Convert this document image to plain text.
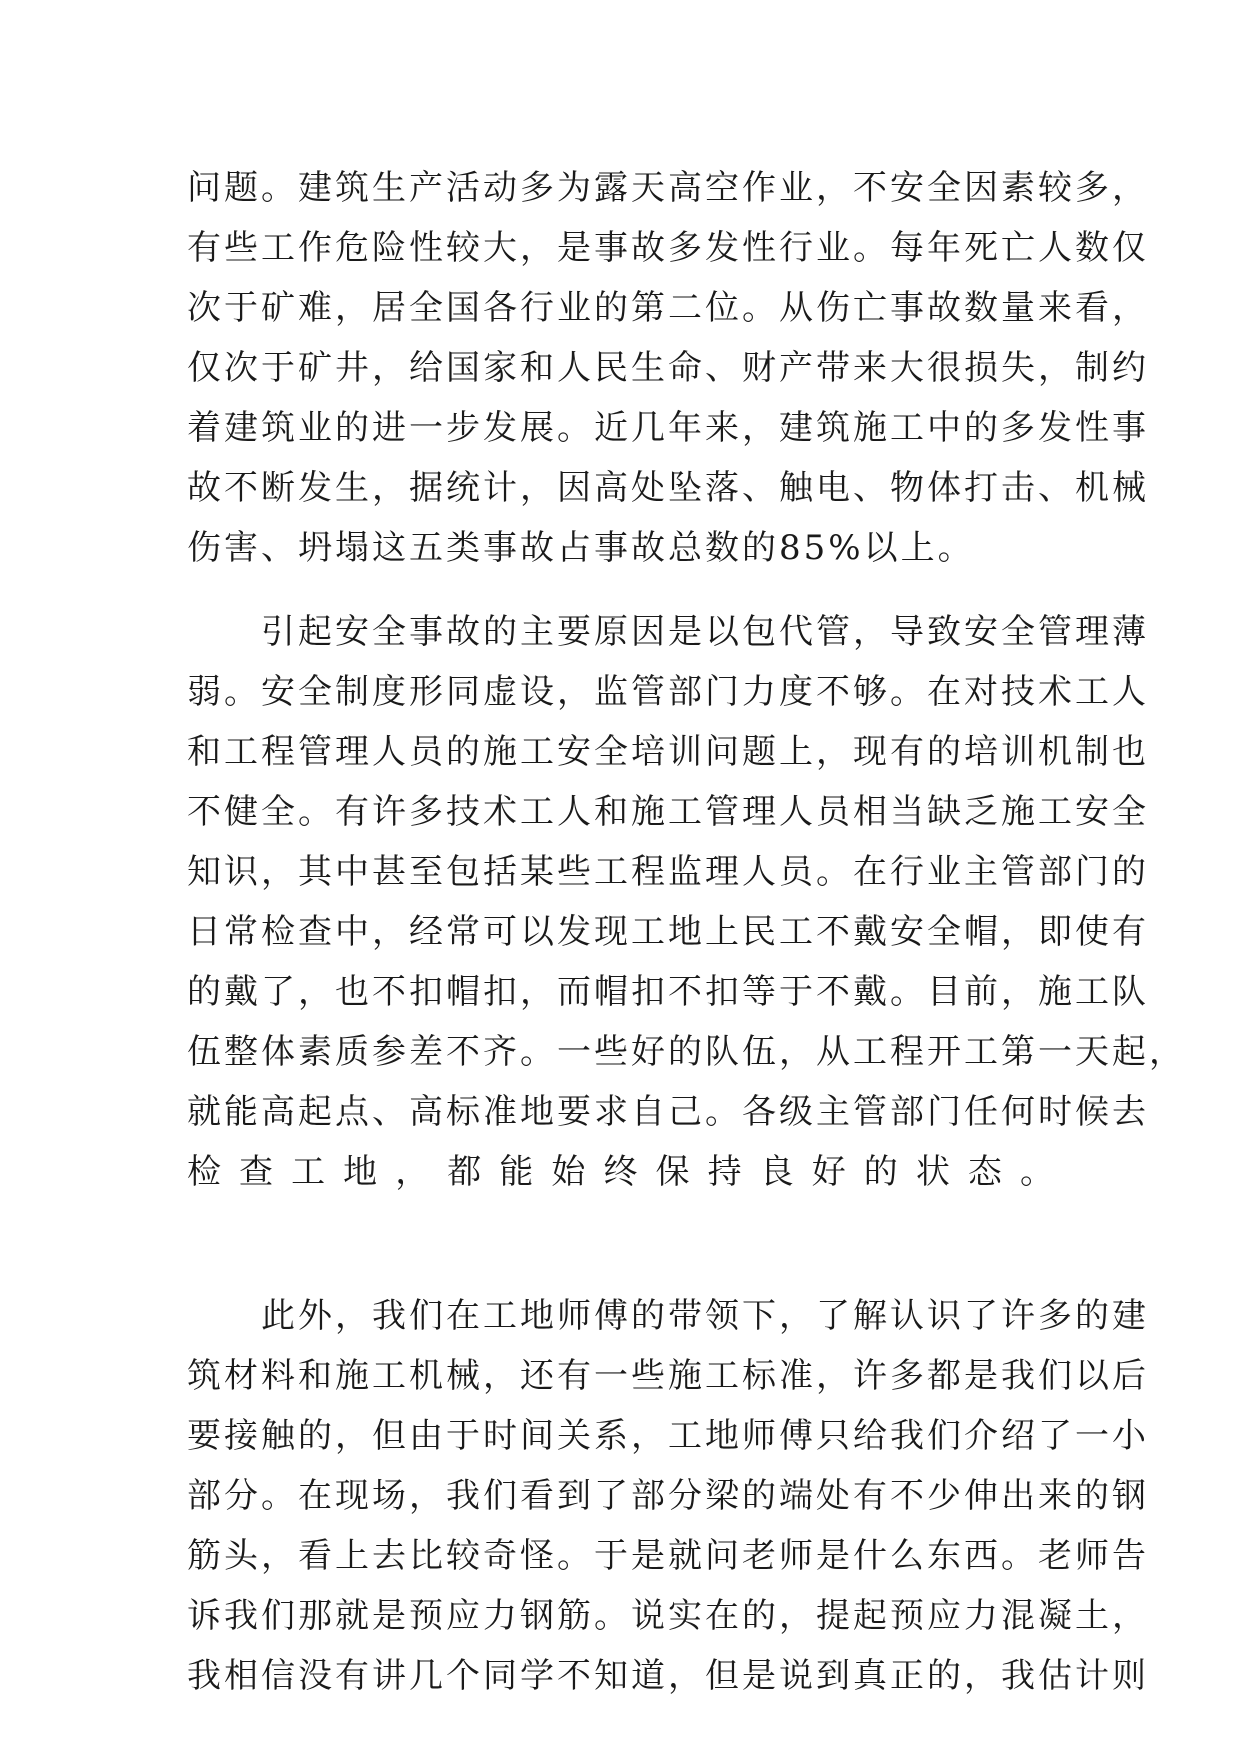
问题。建筑生产活动多为露天高空作业，不安全因素较多，
有些工作危险性较大，是事故多发性行业。每年死亡人数仅
次于矿难，居全国各行业的第二位。从伤亡事故数量来看，
仅次于矿井，给国家和人民生命、财产带来大很损失，制约
着建筑业的进一步发展。近几年来，建筑施工中的多发性事
故不断发生，据统计，因高处坠落、触电、物体打击、机械
伤害、坍塌这五类事故占事故总数的85%以上。
　　引起安全事故的主要原因是以包代管，导致安全管理薄
弱。安全制度形同虚设，监管部门力度不够。在对技术工人
和工程管理人员的施工安全培训问题上，现有的培训机制也
不健全。有许多技术工人和施工管理人员相当缺乏施工安全
知识，其中甚至包括某些工程监理人员。在行业主管部门的
日常检查中，经常可以发现工地上民工不戴安全帽，即使有
的戴了，也不扣帽扣，而帽扣不扣等于不戴。目前，施工队
伍整体素质参差不齐。一些好的队伍，从工程开工第一天起，
就能高起点、高标准地要求自己。各级主管部门任何时候去
检查工地，都能始终保持良好的状态。
　　此外，我们在工地师傅的带领下，了解认识了许多的建
筑材料和施工机械，还有一些施工标准，许多都是我们以后
要接触的，但由于时间关系，工地师傅只给我们介绍了一小
部分。在现场，我们看到了部分梁的端处有不少伸出来的钢
筋头，看上去比较奇怪。于是就问老师是什么东西。老师告
诉我们那就是预应力钢筋。说实在的，提起预应力混凝土，
我相信没有讲几个同学不知道，但是说到真正的，我估计则
